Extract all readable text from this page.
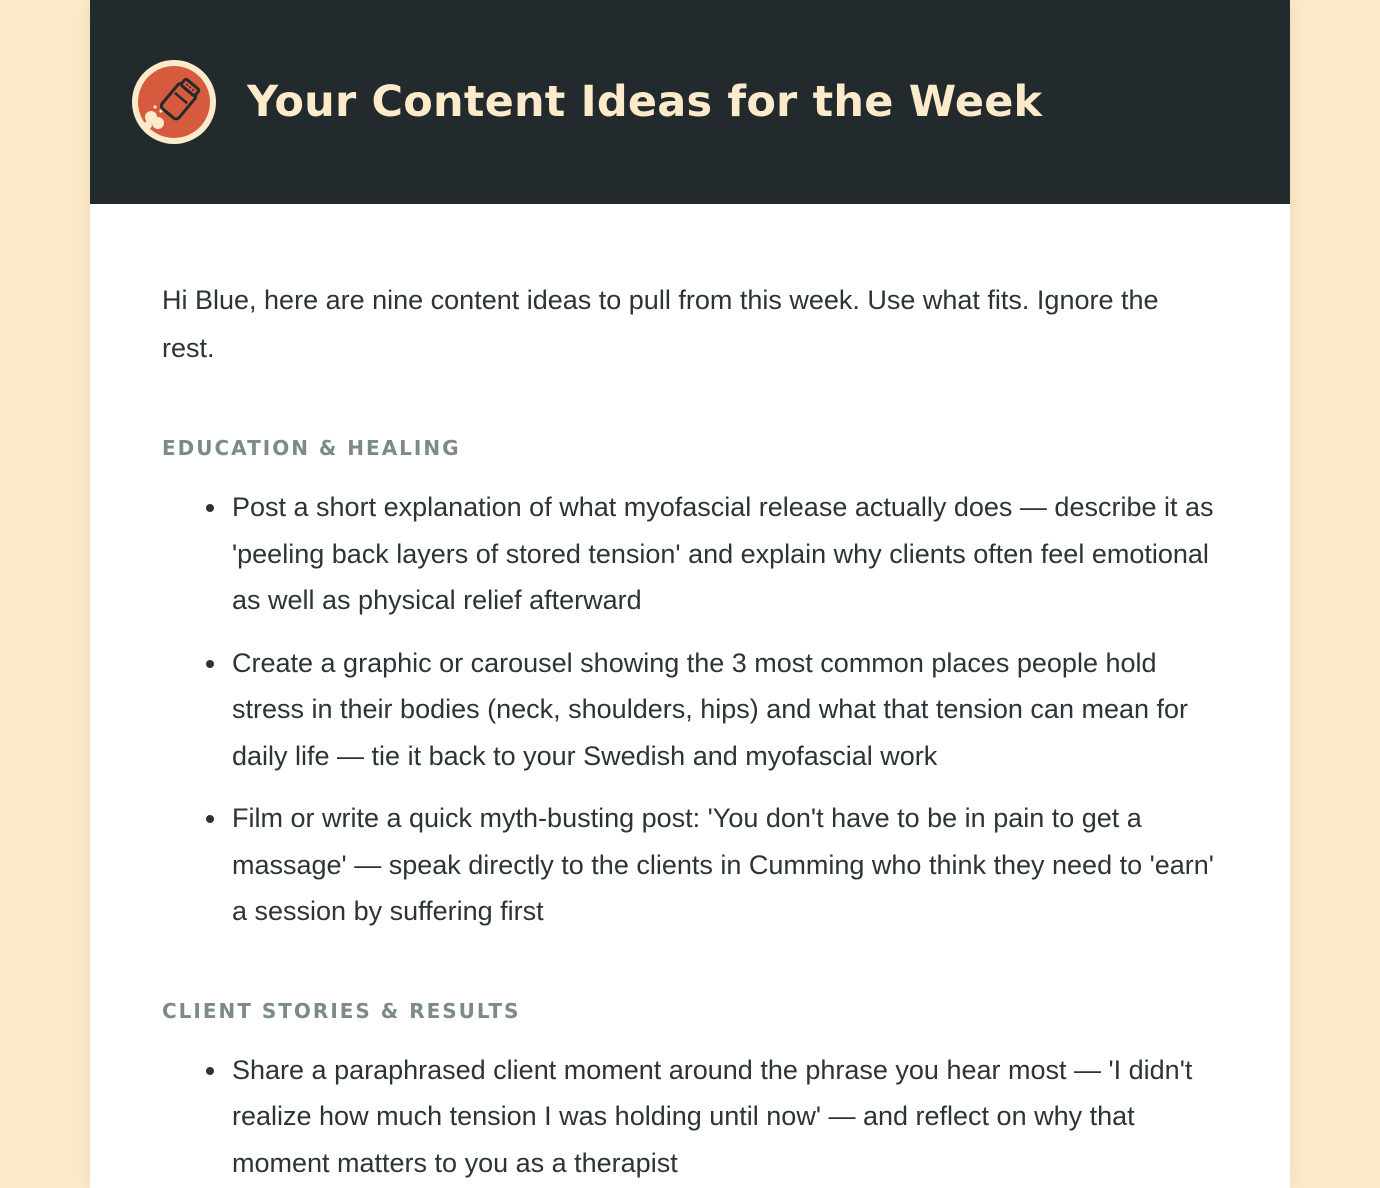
Your Content Ideas for the Week

Hi Blue, here are nine content ideas to pull from this week. Use what fits. Ignore the rest.

EDUCATION & HEALING
Post a short explanation of what myofascial release actually does — describe it as 'peeling back layers of stored tension' and explain why clients often feel emotional as well as physical relief afterward
Create a graphic or carousel showing the 3 most common places people hold stress in their bodies (neck, shoulders, hips) and what that tension can mean for daily life — tie it back to your Swedish and myofascial work
Film or write a quick myth-busting post: 'You don't have to be in pain to get a massage' — speak directly to the clients in Cumming who think they need to 'earn' a session by suffering first
CLIENT STORIES & RESULTS
Share a paraphrased client moment around the phrase you hear most — 'I didn't realize how much tension I was holding until now' — and reflect on why that moment matters to you as a therapist
